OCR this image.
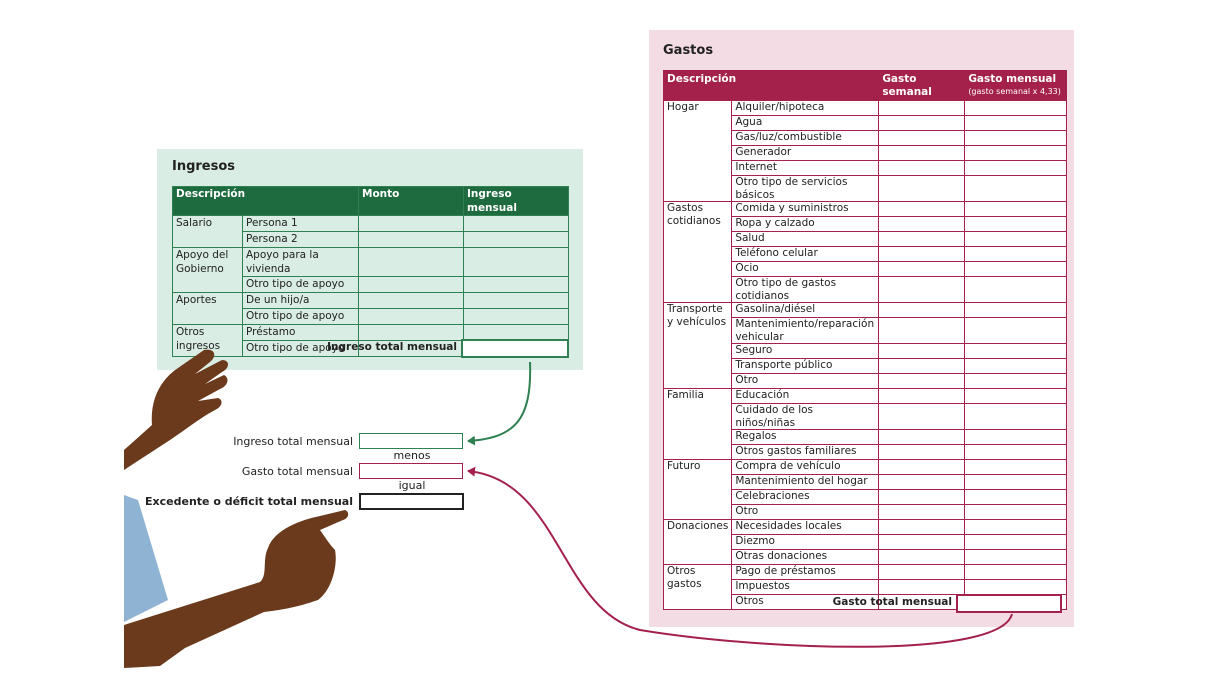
Ingresos
Descripción		Monto	Ingreso mensual
Salario	Persona 1		
	Persona 2		
Apoyo del Gobierno	Apoyo para la vivienda		
	Otro tipo de apoyo		
Aportes	De un hijo/a		
	Otro tipo de apoyo		
Otros ingresos	Préstamo		
	Otro tipo de apoyo		
Ingreso total mensual
Ingreso total mensual
menos
Gasto total mensual
igual
Excedente o déficit total mensual
Gastos
Descripción		Gasto semanal	Gasto mensual
(gasto semanal x 4,33)

Hogar	Alquiler/hipoteca		
	Agua		
	Gas/luz/combustible		
	Generador		
	Internet		
	Otro tipo de servicios básicos		
Gastos cotidianos	Comida y suministros		
	Ropa y calzado		
	Salud		
	Teléfono celular		
	Ocio		
	Otro tipo de gastos cotidianos		
Transporte y vehículos	Gasolina/diésel		
	Mantenimiento/reparación vehicular		
	Seguro		
	Transporte público		
	Otro		
Familia	Educación		
	Cuidado de los niños/niñas		
	Regalos		
	Otros gastos familiares		
Futuro	Compra de vehículo		
	Mantenimiento del hogar		
	Celebraciones		
	Otro		
Donaciones	Necesidades locales		
	Diezmo		
	Otras donaciones		
Otros gastos	Pago de préstamos		
	Impuestos		
	Otros			Gasto total mensual
